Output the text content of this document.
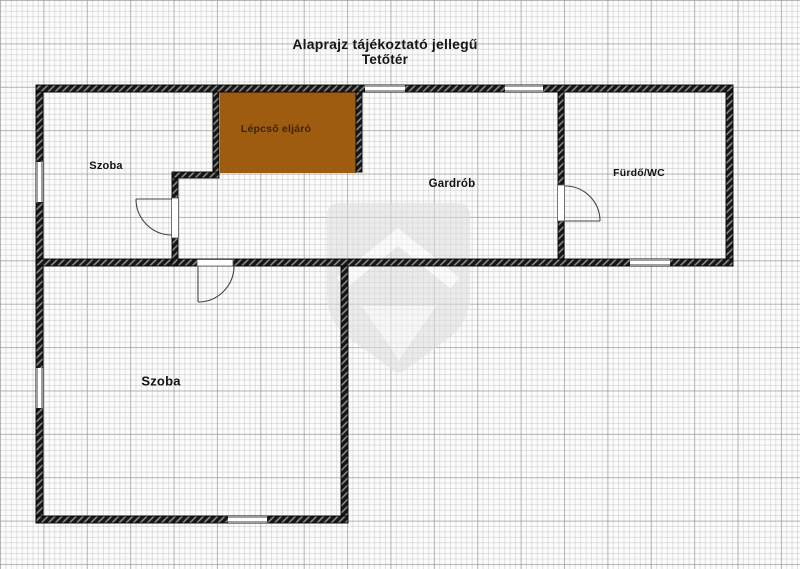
Alaprajz tájékoztató jellegű
Tetőtér
Szoba
Lépcső eljáró
Gardrób
Fürdő/WC
Szoba
